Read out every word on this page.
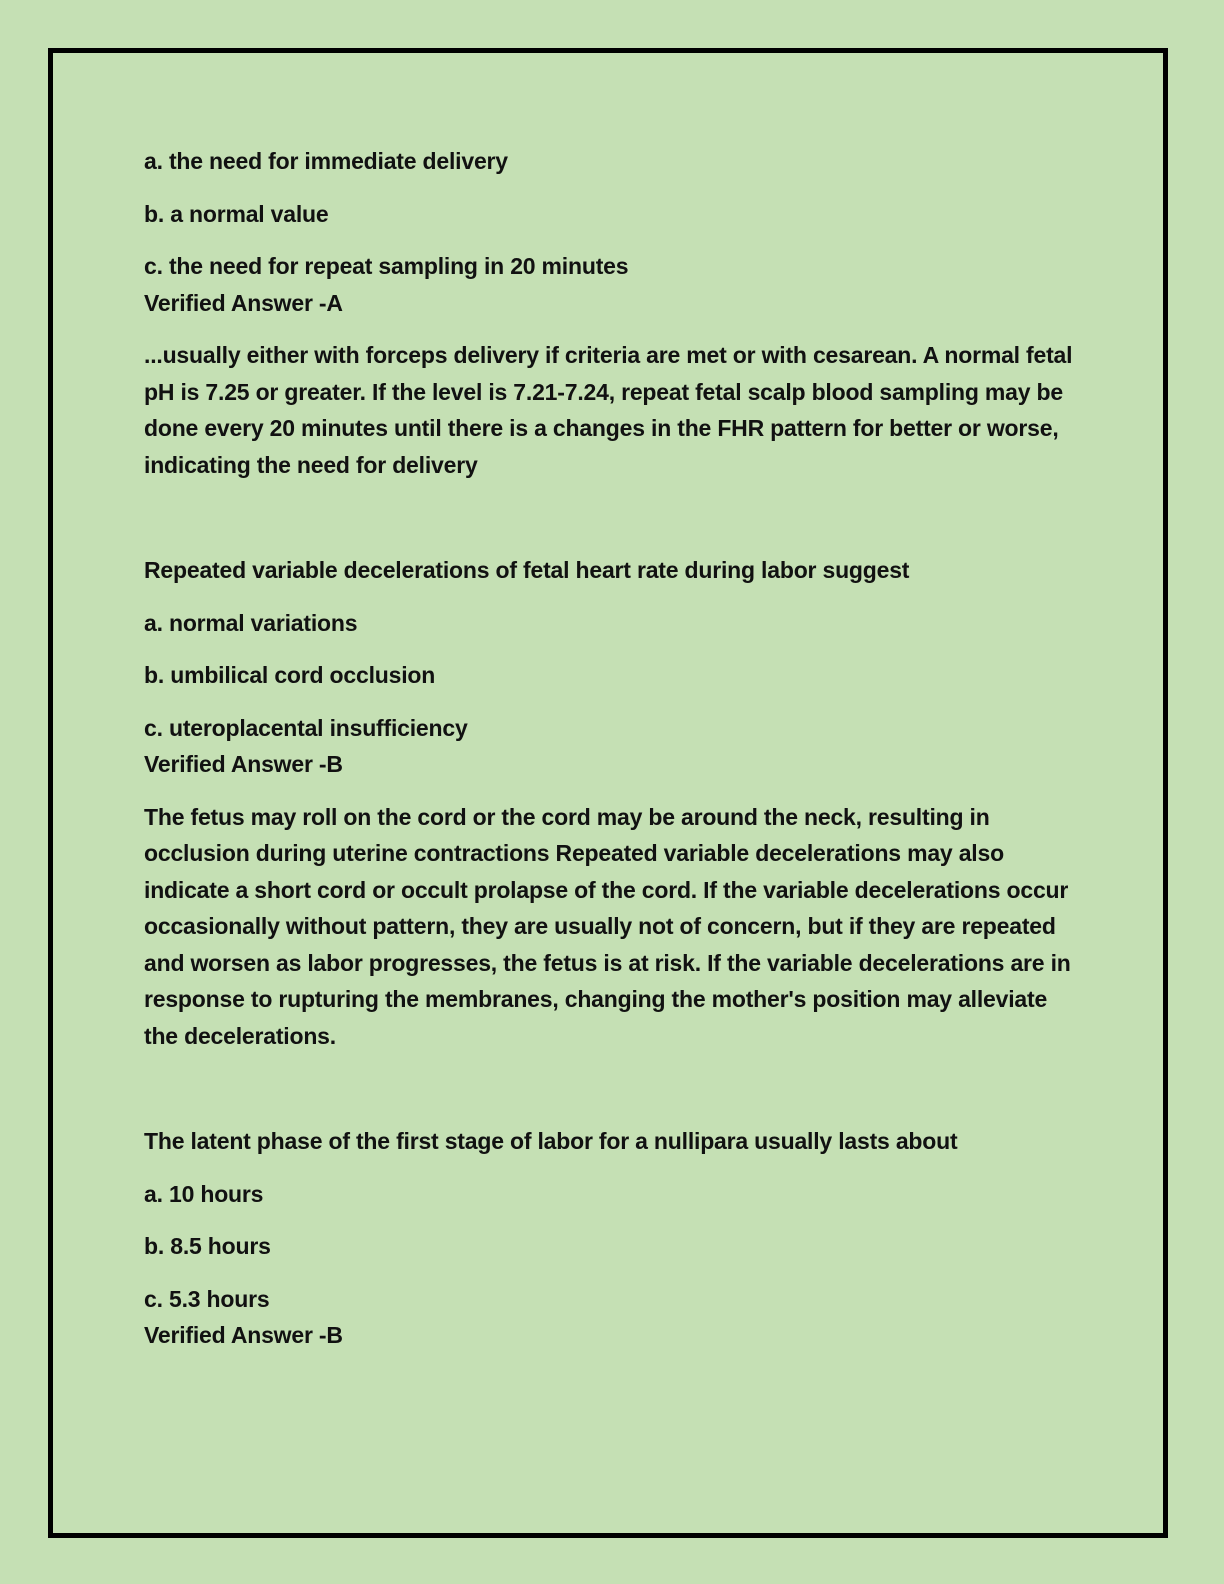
a. the need for immediate delivery

b. a normal value

c. the need for repeat sampling in 20 minutes

Verified Answer -A

...usually either with forceps delivery if criteria are met or with cesarean. A normal fetal pH is 7.25 or greater. If the level is 7.21-7.24, repeat fetal scalp blood sampling may be done every 20 minutes until there is a changes in the FHR pattern for better or worse, indicating the need for delivery

Repeated variable decelerations of fetal heart rate during labor suggest

a. normal variations

b. umbilical cord occlusion

c. uteroplacental insufficiency

Verified Answer -B

The fetus may roll on the cord or the cord may be around the neck, resulting in occlusion during uterine contractions Repeated variable decelerations may also indicate a short cord or occult prolapse of the cord. If the variable decelerations occur occasionally without pattern, they are usually not of concern, but if they are repeated and worsen as labor progresses, the fetus is at risk. If the variable decelerations are in response to rupturing the membranes, changing the mother's position may alleviate the decelerations.

The latent phase of the first stage of labor for a nullipara usually lasts about

a. 10 hours

b. 8.5 hours

c. 5.3 hours

Verified Answer -B
